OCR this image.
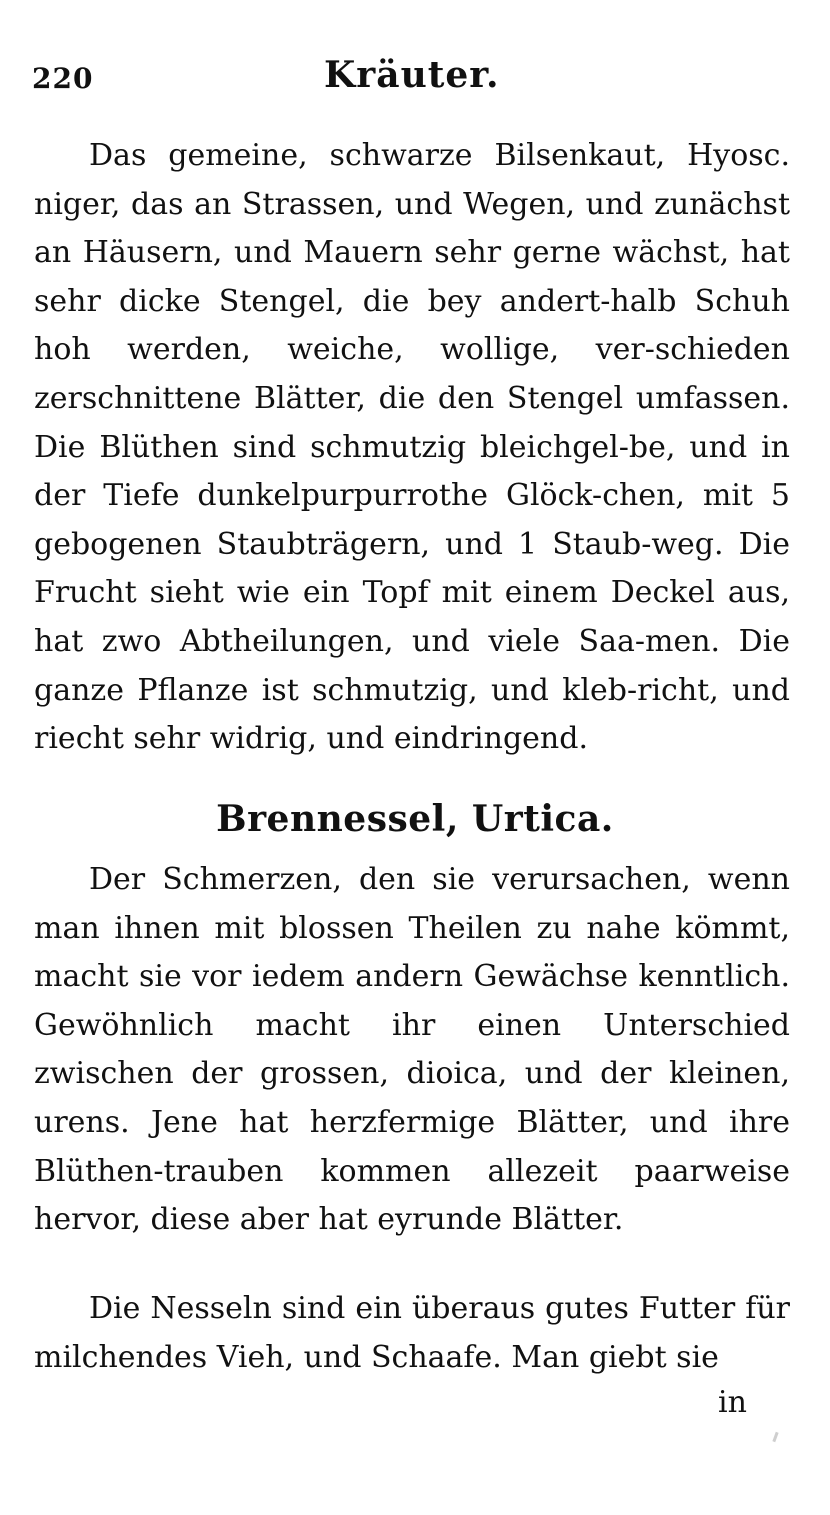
220	Kräuter.

Das gemeine, schwarze Bilsenkaut, Hyosc. niger, das an Strassen, und Wegen, und zunächst an Häusern, und Mauern sehr gerne wächst, hat sehr dicke Stengel, die bey andert-halb Schuh hoh werden, weiche, wollige, ver-schieden zerschnittene Blätter, die den Stengel umfassen. Die Blüthen sind schmutzig bleichgel-be, und in der Tiefe dunkelpurpurrothe Glöck-chen, mit 5 gebogenen Staubträgern, und 1 Staub-weg. Die Frucht sieht wie ein Topf mit einem Deckel aus, hat zwo Abtheilungen, und viele Saa-men. Die ganze Pflanze ist schmutzig, und kleb-richt, und riecht sehr widrig, und eindringend.

Brennessel, Urtica.

Der Schmerzen, den sie verursachen, wenn man ihnen mit blossen Theilen zu nahe kömmt, macht sie vor iedem andern Gewächse kenntlich. Gewöhnlich macht ihr einen Unterschied zwischen der grossen, dioica, und der kleinen, urens. Jene hat herzfermige Blätter, und ihre Blüthen-trauben kommen allezeit paarweise hervor, diese aber hat eyrunde Blätter.

Die Nesseln sind ein überaus gutes Futter für milchendes Vieh, und Schaafe. Man giebt sie

in
